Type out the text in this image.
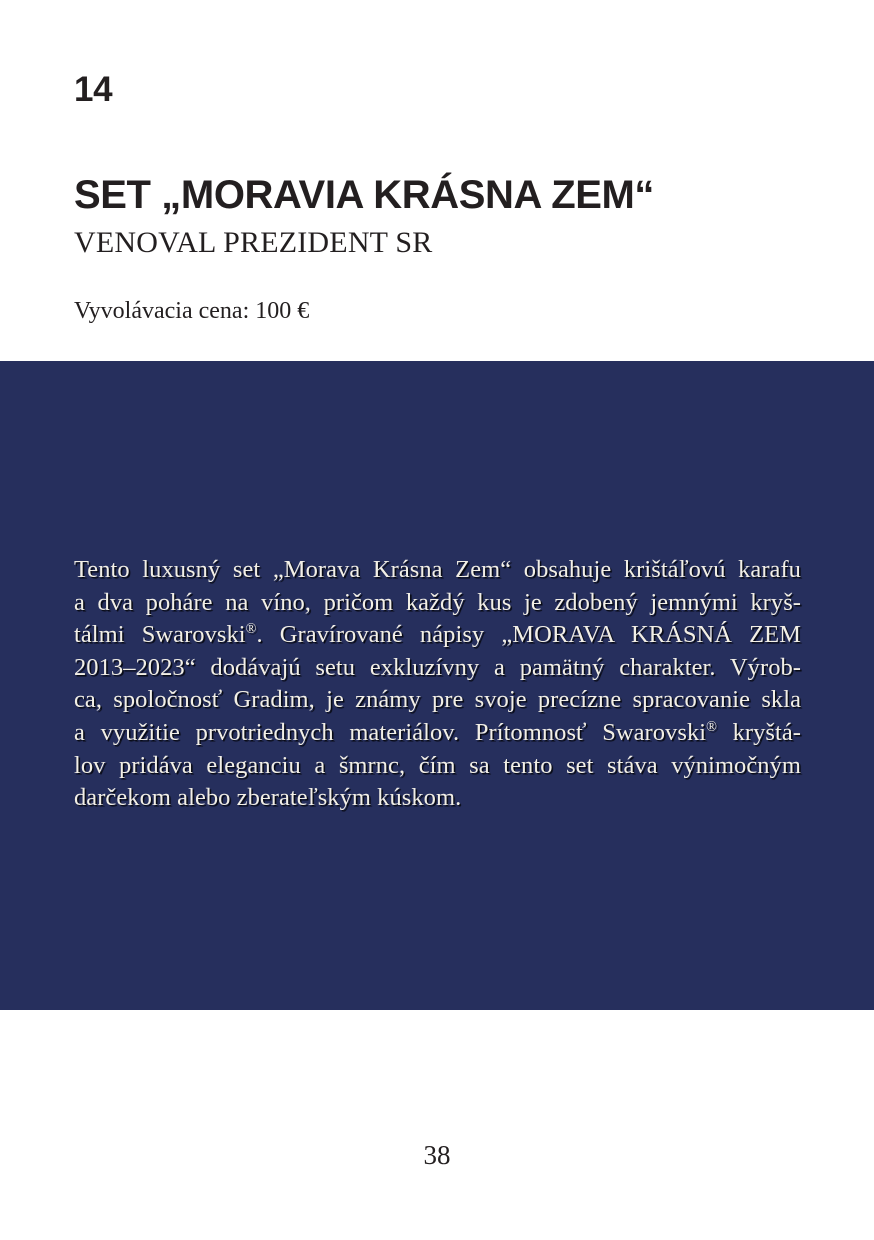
14
SET „MORAVIA KRÁSNA ZEM“
VENOVAL PREZIDENT SR
Vyvolávacia cena: 100 €
Tento luxusný set „Morava Krásna Zem“ obsahuje krištáľovú karafu
a dva poháre na víno, pričom každý kus je zdobený jemnými kryš-
tálmi Swarovski®. Gravírované nápisy „MORAVA KRÁSNÁ ZEM
2013–2023“ dodávajú setu exkluzívny a pamätný charakter. Výrob-
ca, spoločnosť Gradim, je známy pre svoje precízne spracovanie skla
a využitie prvotriednych materiálov. Prítomnosť Swarovski® kryštá-
lov pridáva eleganciu a šmrnc, čím sa tento set stáva výnimočným
darčekom alebo zberateľským kúskom.
38
